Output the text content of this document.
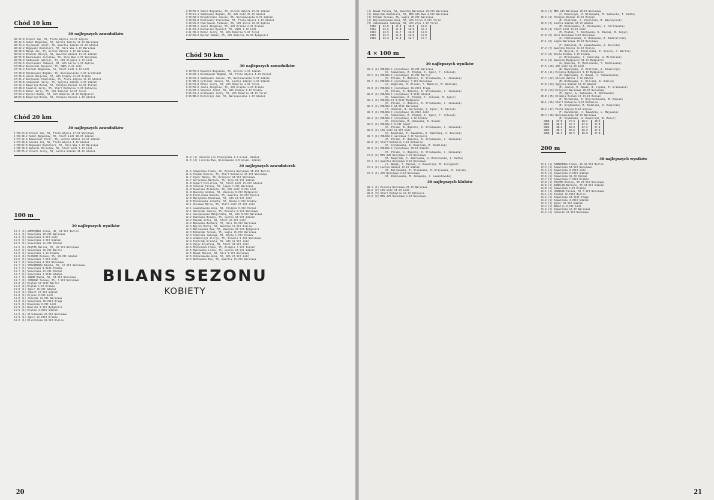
Chód 10 km
30 najlepszych zawodników
46:12.0 Ornoch Jan, 55, Flota Gdynia 14.IV Gdynia
46:22.6 Sobol Bogusław, 55, Górnik Zabrze 12.VI Warszawa
46:33.4 Chylewski Józef, 56, Gwardia Gdańsk 21.IX Gdańsk
46:42.2 Rogowski Kazimierz, 55, Skra Wwa 1.IX Warszawa
46:48.0 Macek Jan, 55, Górnik Zabrze 1.IV Warszawa
46:52.4 Wroński Henryk, 56, Gwardia Gdańsk 21.IX Gdańsk
46:55.8 Kanczewski Jarosław, 56, Skra Wwa 1.IX Warszawa
46:58.0 Sadkowski Gabriel, 54, LKS Olimpia 1.IX Łódź
47:02.6 Charlewski Tadeusz, 56, LKS Górce 1.IX Dębica
47:08.2 Kucharski Ryszard, 55, CWKS 2.IX Łódź
47:15.4 Kliński Bogusław, 51, Start Łódź 2.IX Łódź
47:20.0 Dzimkowski Bogdan, 56, Warszawianka 1.IX Grudziądz
47:26.6 Jasik Zbigniew, 55, AZS Kraków 11.IX Kraków
47:31.2 Kozłowski Stanisław, 55, Flota Gdynia 13.IX Gdańsk
47:36.8 Jankowski Jerzy, 55, Spójnia Gdańsk 1.IX Gdańsk
47:42.4 Kasprzyk Marek, 55, Olimpia Poznań 12.IX Poznań
47:48.0 Szwalik Jerzy, 55, Start Katowice 3.IX Katowice
47:53.6 Peter Jerzy, 55, LKS Pomorze 12.IX Toruń
47:59.2 Rycner Roman, 55, LKS Pomorze 10.IX Bydgoszcz
48:04.8 Kasprzyk Marek, 56, Olimpia Poznań 1.IX Gdańsk
Chód 20 km
30 najlepszych zawodników
1:36:23.0 Ornoch Jan, 55, Flota Gdynia 17.IX Warszawa
1:36:48.2 Sobol Bogusław, 55, Start Łódź 28.IX Gdańsk
1:37:12.4 Rzewiński Piotr, 56, Lechia Gdańsk 14.IX Gdańsk
1:37:40.6 Szacka Iza, 56, Flota Gdynia 8.IX Gdańsk
1:38:02.8 Rogowski Kazimierz, 55, Skra Wwa 1.IX Warszawa
1:38:30.0 Gałecki Mirosław, 56, Start Łódź 2.IX Łódź
1:38:55.2 Ornoch Jerzy, 56, Lechia Gdańsk 18.IX Gdańsk
100 m
30 najlepszych wyników
11.3 (1) AZENTOŃKA Irena, 46, 18.VII Berlin
11.4 (1) Szewińska 18.VII Warszawa
11.4 (1) Szewińska 9.VII Łódź
11.5 (1) Szewińska 2.VII Gdańsk
11.5 (1) Szewińska 11.VII Poznań
11.5 (1) PIĄTEK Halina, 55, 23.VII Warszawa
11.6 (1) Szewińska 16.VII Berlin
11.6 (1) Szewińska 1.IX Kraków
11.6 (1) PLISKOK Helena, 55, 18.VII Gdańsk
11.6 (1) Szewińska 7.VII Łódź
11.7 (1) Szewińska 6.VII Warszawa
11.7 (1) STRAŻEWSKA Danuta, 55, 17.VII Warszawa
11.7 (1) Szewińska 9.VIII Kraków
11.7 (1) Szewińska 23.VII Poznań
11.7 (1) Szewińska 4.VIII Gdańsk
11.7 (1) IGNOR Hanna, 56, 18.VII Warszawa
11.7 (1) JÓŹWIAK Teresa, 55, 7.VII Warszawa
11.8 (1) Piątek 12.VIII Berlin
11.8 (1) Piątek 1.IX Kraków
11.8 (1) Ignor 16.VII Gdańsk
11.8 (1) Subert 15.VII Gdańsk
11.8 (1) Plisko 9.VII Łódź
11.8 (1) Jóźwiak 14.VII Warszawa
11.8 (1) Szewińska 18.VIII Praga
11.9 (1) Kowalska 9.VII Łódź
11.9 (1) Nowicka 9.VII Bydgoszcz
11.9 (1) Piątek 4.VIII Gdańsk
11.9 (1) Strażewska 23.VII Warszawa
11.9 (1) Ignor 12.VIII Kraków
12.0 (1) Kiszlińska 16.VII Kielce
1:38:55.0 Sobol Bogusław, 55, Górnik Zabrze 23.IV Gdańsk
1:39:12.4 Sadkowski Bogdan, 56, AZS Łódź 23.IV Gdańsk
1:39:40.6 Dziedziński Janusz, 56, Warszawianka 9.IX Gdańsk
1:40:04.8 Kozłowski Stanisław, 55, Flota Gdynia 1.IX Gdańsk
1:40:22.0 Charlewski Tadeusz, 56, LKS Górce 16.IX Dębica
1:40:48.2 Jasik Zbigniew, 55, AZS Kraków 2.IX Kraków
1:41:10.4 Kucharski Ryszard, 55, CWKS 2.IX Łódź
1:41:36.6 Peter Jerzy, 55, LKS Pomorze 5.IX Toruń
1:42:02.8 Rycner Roman, 55, LKS Pomorze 16.IX Bydgoszcz
Chód 50 km
30 najlepszych zawodników
4:18:55.0 Kowalik Bogusław, 55, Górnik 1.IX Gdańsk
4:19:20.2 Dzimkowski Bogdan, 56, Flota Gdynia 8.IX Poznań
4:20:44.4 Sadkowski Janusz, 55, Warszawianka 9.IX Gdańsk
4:21:08.6 Cytiński Janusz, 55, Lechia Gdańsk 1.IX Gdańsk
4:22:32.8 Peter Jerzy, 55, LKS Pomorze 1.IX Toruń
4:23:56.0 Jasik Zbigniew, 55, AZS Kraków 1.IX Kraków
4:24:20.2 Szwalik Józef, 55, AZS Kraków 9.IX Kraków
4:25:44.4 Grabowski Jerzy, 55, LKS Pomorze 18.IX Toruń
4:26:08.6 Kulińczyk Jan, 55, Warszawianka 1.IX Gdańsk
11.4 (1) Jeleźik Lin Kraczyńska 2.2 m/sek. Gdańsk
11.5 (2) Lisicka Ewa, Wiśniewska 4.8 m/sek. Gdańsk
30 najlepszych zawodniczek
11.5 Szewińska Irena, 46, Polonia Warszawa 18.VII Berlin
11.6 Piątek Halina, 55, Start Katowice 23.VII Warszawa
11.7 Ignor Hanna, 56, Kolejarz 18.VII Warszawa
11.7 Gorzelska Barbara, 55, Skra 16.VII Gdańsk
11.8 Subert Christina, 55, Start Łódź 15.VII Gdańsk
11.8 Jóźwiak Teresa, 55, Legia 7.VII Warszawa
11.9 Kowalska Elżbieta, 56, ŁKS Łódź 9.VII Łódź
11.9 Nowicka Aldona, 55, Zawisza 9.VII Bydgoszcz
12.0 Kiszlińska Danuta, 55, Gwardia 16.VII Kielce
12.0 Mączyńska Wiesława, 55, AZS 12.VII Łódź
12.0 Brzozowska Jolanta, 55, Wisła 1.VII Kraków
12.1 Cholewa Maria, 55, Start Łódź 23.VII Łódź
12.1 Lewandowska Anna, 56, Olimpia 9.VII Poznań
12.1 Smolarek Janina, 55, Polonia 6.VII Warszawa
12.1 Jesionowska Małgorzata, 56, AZS 8.VII Warszawa
12.2 Kamińska Bożena, 55, Lechia 18.VII Gdańsk
12.2 Pawlak Zofia, 56, Start 21.VII Łódź
12.2 Bukowska Barbara, 55, Skra 18.VII Warszawa
12.3 Wójcik Maria, 56, Gwardia 11.VII Kielce
12.3 Malinowska Ewa, 55, Zawisza 18.VII Bydgoszcz
12.3 Kobielak Teresa, 55, Legia 16.VII Warszawa
12.3 Sikorska Jadwiga, 56, Wisła 1.VII Kraków
12.4 Grabarczyk Alicja, 55, Polonia 9.VII Warszawa
12.4 Pietrzak Urszula, 55, AZS 12.VII Łódź
12.4 Zając Krystyna, 56, Start 18.VII Łódź
12.4 Michalska Irena, 55, Olimpia 7.VII Poznań
12.5 Dąbrowska Lidia, 55, Lechia 18.VII Gdańsk
12.5 Nowak Helena, 56, Skra 9.VII Warszawa
12.5 Chmielewska Anna, 55, ŁKS 23.VII Łódź
12.5 Rutkowska Ewa, 56, Gwardia 15.VII Warszawa
BILANS SEZONU
KOBIETY
20
(1) Nowak Teresa, 54, Gwardia Warszawa 18.VII Warszawa
(2) Kasprzak Kazimiera, 55, MKS AZS Wwa 4.VII Warszawa
(3) Klimek Teresa, 56, Legia 18.VII Warszawa
(4) Wojciechowska Anna, 55, LKS Toruń 9.VII Toruń
(5) Jakubowska Jadwiga, 56, LKS Zryw 1.IX Toruń
1960	11.8	11.9	12.0	12.0
1961	11.6	11.8	11.9	12.1
1962	11.5	11.7	11.8	11.9
1963	11.3	11.5	11.6	11.8
1964	11.4	11.6	11.7	11.7
4 × 100 m
30 najlepszych wyników
45.2 (1) POLSKA I (narodowa) 18.VII Warszawa
(K. Szewińska, H. Piątek, I. Ignor, T. Jóźwiak)
45.5 (1) POLSKA I (narodowa) 16.VII Berlin
(H. Plisko, E. Bakulin, D. Strażewska, J. Jeżewska)
45.7 (1) POLSKA I (narodowa) 7.VII Warszawa
(A. Zagórska, H. Plisko, T. Bakulin, M. Woźniak)
45.8 (1) POLSKA I (narodowa) 26.VIII Praga
(H. Plisko, E. Bakulin, D. Strażewska, J. Jeżewska)
46.0 (1) POLSKA I (narodowa) 8.VIII Gdańsk
(K. Szewińska, H. Piątek, T. Jóźwiak, H. Ignor)
46.1 (1) POLSKA II 9.VIII Bydgoszcz
(H. Plisko, J. Bakulin, D. Strażewska, J. Jeżewska)
46.2 (1) POLSKA I 18.VIII Warszawa
(T. Jóźwiak, B. Gorzelska, I. Ignor, H. Kaziuk)
46.3 (1) POLSKA I (narodowa) 16.VIII Łódź
(K. Szewińska, H. Piątek, I. Ignor, T. Jóźwiak)
46.4 (1) POLSKA I (narodowa) 1.IX Kraków
(E. Zielińska, M. Zukowska, D. Rusek)
46.5 (1) POLSKA I 9.VII Sopot
(H. Plisko, B. Bakulin, D. Strażewska, J. Jeżewska)
46.6 (1) LKS Łódź 12.VII Łódź
(K. Kowalska, E. Zawadzka, H. Kamińska, I. Nowicka)
46.7 (1) POLSKA I narodowa 7.IX Szczecin
(H. Plisko, E. Bakulin, D. Strażewska, J. Jeżewska)
46.8 (1) Start Katowice 1.IX Katowice
(E. Grzybowska, D. Kasprzak, M. Kudelska)
46.9 (1) POLSKA I (narodowa) 18.IX Gdańsk
(H. Plisko, J. Bakulin, D. Strażewska, J. Jeżewska)
47.0 (1) MKS AZS Warszawa 1.IX Warszawa
(M. Kasprzak, I. Żebrowska, A. Malinowska, A. Kudla)
47.1 (1) Gwardia Warszawa 9.IX Warszawa
(J. Nowak, T. Pawlak, J. Kowalczyk, M. Szczygieł)
47.2 (1) Lechia Gdańsk 23.IX Gdańsk
(M. Kalinowska, E. Olszewska, H. Krajewska, K. Jasiuk)
47.3 (1) AZS Warszawa 2.IX Warszawa
(B. Wiśniewska, M. Zalewska, J. Lewandowska)
30 najlepszych klubów
46.1 (1) Polonia Warszawa 23.IX Warszawa
46.6 (2) ŁKS Łódź 18.IX Łódź
46.8 (3) Start Katowice 12.IX Katowice
47.0 (4) MKS AZS Warszawa 1.IX Warszawa
46.3 (1) MKS AZS Warszawa 18.IX Warszawa
(J. Kowalczyk, Z. Wilkowska, M. Sadowska, E. Kudla)
46.4 (2) Olimpia Poznań 11.IX Poznań
(E. Pietrzak, J. Zielińska, B. Wawrzyniak)
46.5 (3) Lechia Gdańsk 18.IX Gdańsk
(M. Kalinowska, E. Olszewska, J. Stróżewska)
46.8 (4) Start Łódź 23.IX Łódź
(H. Piątek, T. Kozłowska, U. Pawlak, B. Zając)
47.0 (5) Skra Warszawa 9.IX Warszawa
(A. Chmielewska, Z. Bukowska, H. Kaźmierczak)
47.1 (6) Legia Warszawa 16.IX Warszawa
(T. Kobielak, B. Lewandowska, A. Kociuba)
47.2 (7) Gwardia Kielce 11.IX Kielce
(M. Wójcik, D. Kiszlińska, E. Sikora, J. Bartos)
47.3 (8) Wisła Kraków 1.IX Kraków
(J. Brzozowska, J. Sikorska, A. Michalska)
47.4 (9) Zawisza Bydgoszcz 18.IX Bydgoszcz
(A. Nowicka, E. Malinowska, T. Wiśniewska)
47.5 (10) AZS Łódź 12.IX Łódź
(W. Mączyńska, U. Pietrzak, A. Kowalczyk)
47.6 (11) Polonia Bydgoszcz 9.IX Bydgoszcz
(H. Dąbrowska, E. Nowak, J. Tomaszewska)
47.7 (12) Górnik Zabrze 7.IX Zabrze
(M. Rutkowska, I. Wilczek, D. Kubica)
47.8 (13) Spójnia Gdańsk 14.IX Gdańsk
(K. Jasiuk, M. Nowak, B. Lipska, E. Grabowska)
47.9 (14) Kolejarz Warszawa 18.IX Warszawa
(H. Ignor, A. Sadowska, E. Witkowska)
48.0 (15) Olimpia Poznań II 23.IX Poznań
(I. Michalska, D. Wojciechowska, M. Pawlak)
48.1 (16) Start Katowice 4.IX Katowice
(E. Grzybowska, M. Kudelska, D. Kasprzak)
48.2 (17) Flota Gdynia 8.IX Gdynia
(T. Kaczmarek, J. Zawadzka, L. Majewska)
48.3 (18) Warszawianka 18.IX Warszawa
(E. Szymańska, A. Kowalczyk, B. Mazur)
1960	47.8	47.9	48.1	48.3
1961	46.9	47.3	47.6	47.8
1962	46.4	46.8	47.2	47.4
1963	46.1	46.6	46.9	47.2
1964	46.3	46.5	46.8	47.0
200 m
30 najlepszych wyników
23.1 (1) SZEWIŃSKA Irena, 46 16.VII Berlin
23.3 (1) Szewińska 18.VII Warszawa
23.4 (1) Szewińska 9.VIII Łódź
23.5 (1) Szewińska 2.VIII Gdańsk
23.6 (1) Szewińska 16.IX Poznań
23.7 (1) Szewińska 7.VIII Kraków
23.8 (1) PIĄTEK Halina, 55 23.VII Warszawa
24.0 (1) KAROLIN Barbara, 55 18.VII Gdańsk
24.0 (1) Szewińska 1.IX Kraków
24.1 (1) JÓŹWIAK Teresa, 55 7.VII Warszawa
24.1 (1) Piątek 12.VIII Berlin
24.2 (1) Szewińska 18.VIII Praga
24.2 (1) Szewińska 4.VIII Gdańsk
24.3 (1) Ignor 16.VII Gdańsk
24.3 (1) Bakulin 9.VII Łódź
24.4 (1) Szewińska 12.IX Warszawa
24.4 (1) Jóźwiak 14.VII Warszawa
21
